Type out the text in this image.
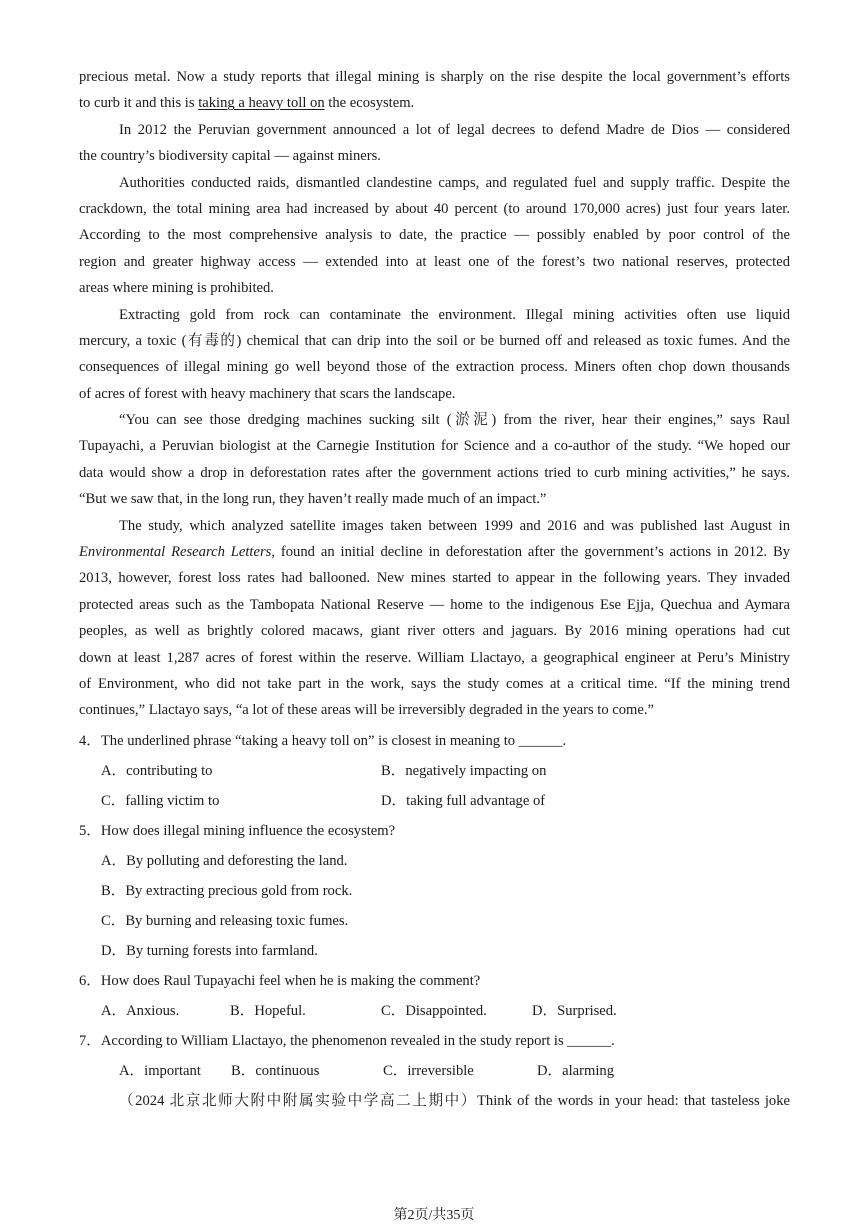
precious metal. Now a study reports that illegal mining is sharply on the rise despite the local government’s efforts
to curb it and this is taking a heavy toll on the ecosystem.
In 2012 the Peruvian government announced a lot of legal decrees to defend Madre de Dios — considered
the country’s biodiversity capital — against miners.
Authorities conducted raids, dismantled clandestine camps, and regulated fuel and supply traffic. Despite the
crackdown, the total mining area had increased by about 40 percent (to around 170,000 acres) just four years later.
According to the most comprehensive analysis to date, the practice — possibly enabled by poor control of the
region and greater highway access — extended into at least one of the forest’s two national reserves, protected
areas where mining is prohibited.
Extracting gold from rock can contaminate the environment. Illegal mining activities often use liquid
mercury, a toxic (有毒的) chemical that can drip into the soil or be burned off and released as toxic fumes. And the
consequences of illegal mining go well beyond those of the extraction process. Miners often chop down thousands
of acres of forest with heavy machinery that scars the landscape.
“You can see those dredging machines sucking silt (淤泥) from the river, hear their engines,” says Raul
Tupayachi, a Peruvian biologist at the Carnegie Institution for Science and a co-author of the study. “We hoped our
data would show a drop in deforestation rates after the government actions tried to curb mining activities,” he says.
“But we saw that, in the long run, they haven’t really made much of an impact.”
The study, which analyzed satellite images taken between 1999 and 2016 and was published last August in
Environmental Research Letters, found an initial decline in deforestation after the government’s actions in 2012. By
2013, however, forest loss rates had ballooned. New mines started to appear in the following years. They invaded
protected areas such as the Tambopata National Reserve — home to the indigenous Ese Ejja, Quechua and Aymara
peoples, as well as brightly colored macaws, giant river otters and jaguars. By 2016 mining operations had cut
down at least 1,287 acres of forest within the reserve. William Llactayo, a geographical engineer at Peru’s Ministry
of Environment, who did not take part in the work, says the study comes at a critical time. “If the mining trend
continues,” Llactayo says, “a lot of these areas will be irreversibly degraded in the years to come.”
4．The underlined phrase “taking a heavy toll on” is closest in meaning to ______.
A．contributing to	B．negatively impacting on
C．falling victim to	D．taking full advantage of
5．How does illegal mining influence the ecosystem?
A．By polluting and deforesting the land.
B．By extracting precious gold from rock.
C．By burning and releasing toxic fumes.
D．By turning forests into farmland.
6．How does Raul Tupayachi feel when he is making the comment?
A．Anxious.	B．Hopeful.	C．Disappointed.	D．Surprised.
7．According to William Llactayo, the phenomenon revealed in the study report is ______.
A．important B．continuous	C．irreversible	D．alarming
（2024 北京北师大附中附属实验中学高二上期中）Think of the words in your head: that tasteless joke
第2页/共35页
